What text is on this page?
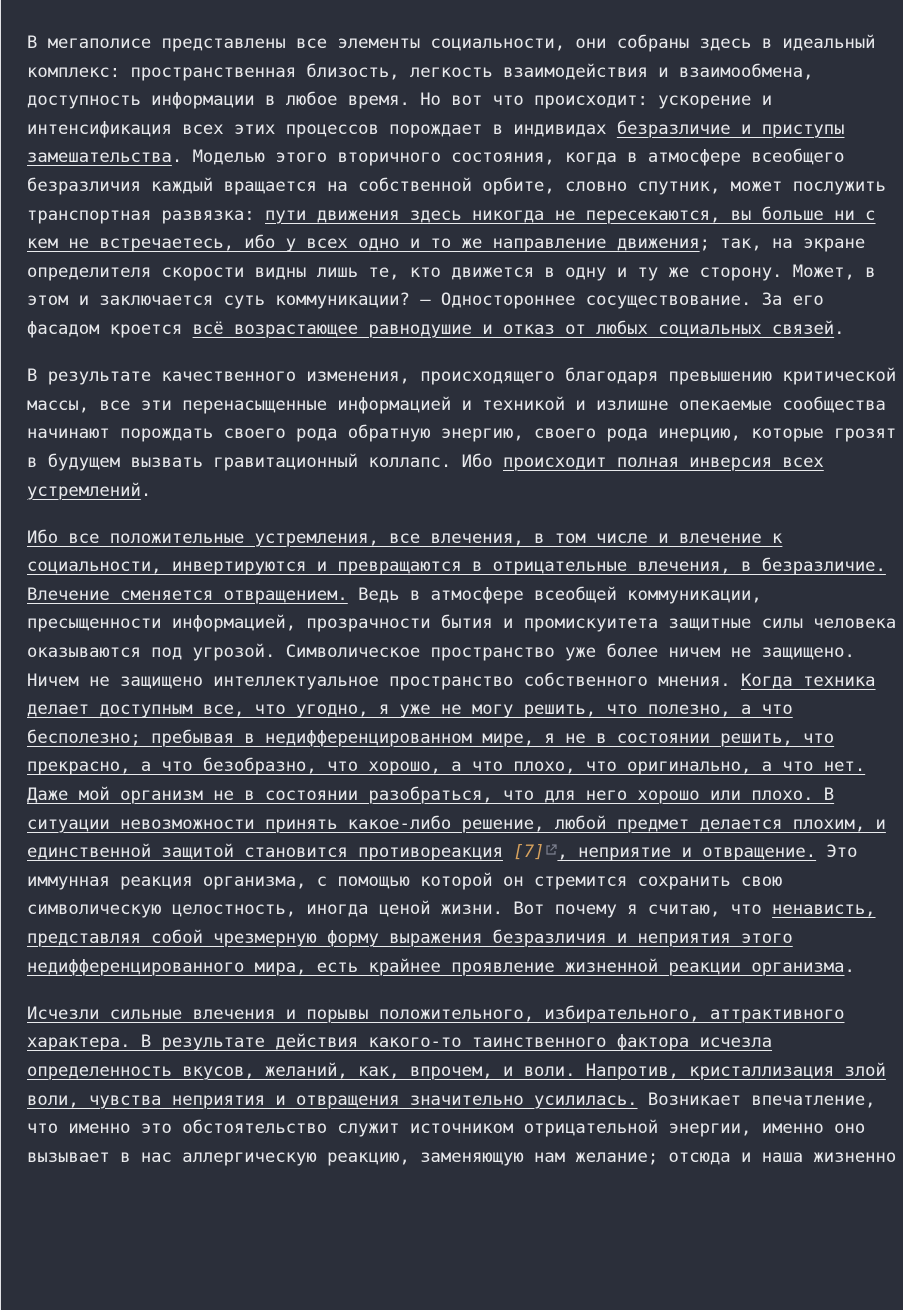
В мегаполисе представлены все элементы социальности, они собраны здесь в идеальный комплекс: пространственная близость, легкость взаимодействия и взаимообмена, доступность информации в любое время. Но вот что происходит: ускорение и интенсификация всех этих процессов порождает в индивидах безразличие и приступы замешательства. Моделью этого вторичного состояния, когда в атмосфере всеобщего безразличия каждый вращается на собственной орбите, словно спутник, может послужить транспортная развязка: пути движения здесь никогда не пересекаются, вы больше ни с кем не встречаетесь, ибо у всех одно и то же направление движения; так, на экране определителя скорости видны лишь те, кто движется в одну и ту же сторону. Может, в этом и заключается суть коммуникации? — Одностороннее сосуществование. За его фасадом кроется всё возрастающее равнодушие и отказ от любых социальных связей.

В результате качественного изменения, происходящего благодаря превышению критической массы, все эти перенасыщенные информацией и техникой и излишне опекаемые сообщества начинают порождать своего рода обратную энергию, своего рода инерцию, которые грозят в будущем вызвать гравитационный коллапс. Ибо происходит полная инверсия всех устремлений.

Ибо все положительные устремления, все влечения, в том числе и влечение к социальности, инвертируются и превращаются в отрицательные влечения, в безразличие. Влечение сменяется отвращением. Ведь в атмосфере всеобщей коммуникации, пресыщенности информацией, прозрачности бытия и промискуитета защитные силы человека оказываются под угрозой. Символическое пространство уже более ничем не защищено. Ничем не защищено интеллектуальное пространство собственного мнения. Когда техника делает доступным все, что угодно, я уже не могу решить, что полезно, а что бесполезно; пребывая в недифференцированном мире, я не в состоянии решить, что прекрасно, а что безобразно, что хорошо, а что плохо, что оригинально, а что нет. Даже мой организм не в состоянии разобраться, что для него хорошо или плохо. В ситуации невозможности принять какое-либо решение, любой предмет делается плохим, и единственной защитой становится противореакция [7] , неприятие и отвращение. Это иммунная реакция организма, с помощью которой он стремится сохранить свою символическую целостность, иногда ценой жизни. Вот почему я считаю, что ненависть, представляя собой чрезмерную форму выражения безразличия и неприятия этого недифференцированного мира, есть крайнее проявление жизненной реакции организма.

Исчезли сильные влечения и порывы положительного, избирательного, аттрактивного характера. В результате действия какого-то таинственного фактора исчезла определенность вкусов, желаний, как, впрочем, и воли. Напротив, кристаллизация злой воли, чувства неприятия и отвращения значительно усилилась. Возникает впечатление, что именно это обстоятельство служит источником отрицательной энергии, именно оно вызывает в нас аллергическую реакцию, заменяющую нам желание; отсюда и наша жизненно
